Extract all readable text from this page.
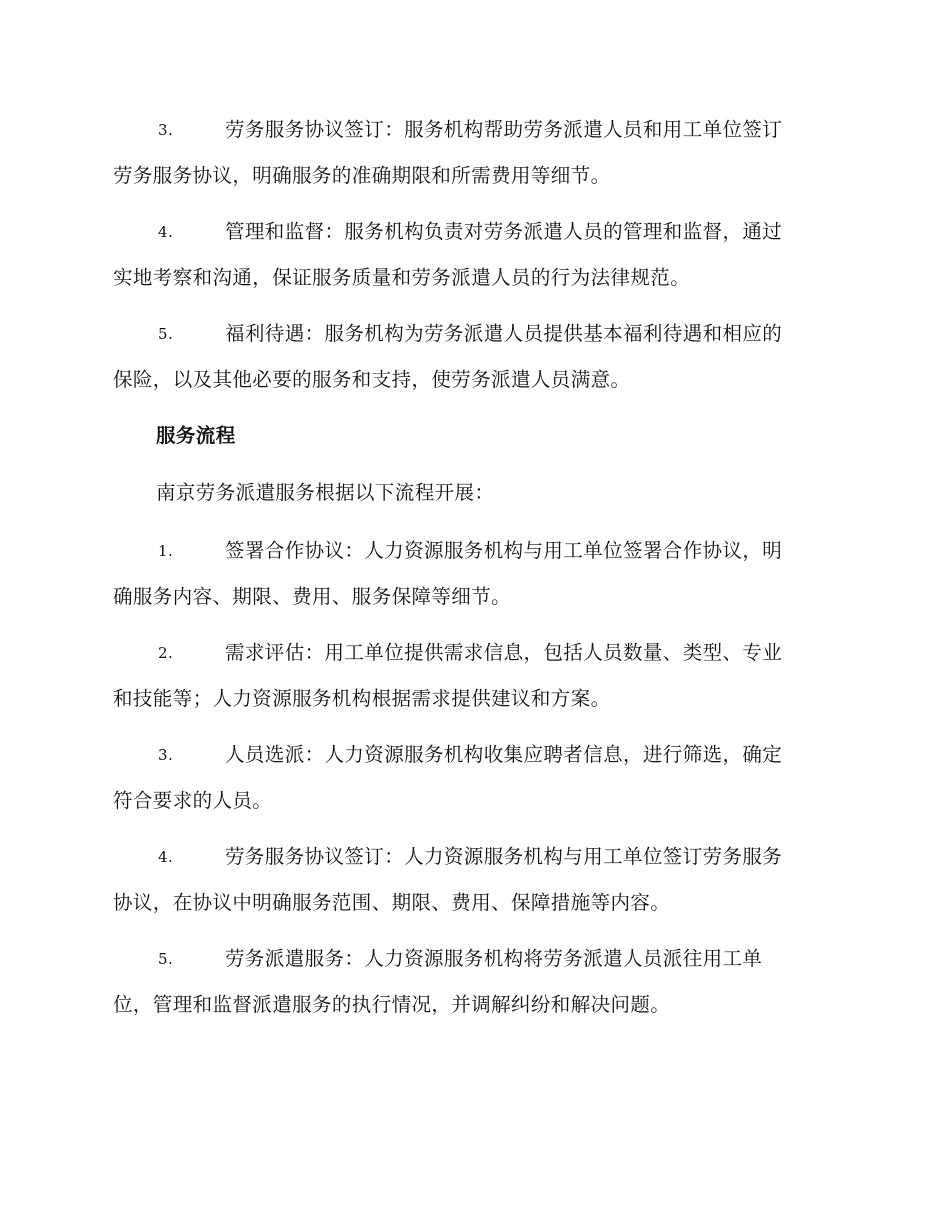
3.	劳务服务协议签订：服务机构帮助劳务派遣人员和用工单位签订
劳务服务协议，明确服务的准确期限和所需费用等细节。
4.	管理和监督：服务机构负责对劳务派遣人员的管理和监督，通过
实地考察和沟通，保证服务质量和劳务派遣人员的行为法律规范。
5.	福利待遇：服务机构为劳务派遣人员提供基本福利待遇和相应的
保险，以及其他必要的服务和支持，使劳务派遣人员满意。
服务流程
南京劳务派遣服务根据以下流程开展：
1.	签署合作协议：人力资源服务机构与用工单位签署合作协议，明
确服务内容、期限、费用、服务保障等细节。
2.	需求评估：用工单位提供需求信息，包括人员数量、类型、专业
和技能等；人力资源服务机构根据需求提供建议和方案。
3.	人员选派：人力资源服务机构收集应聘者信息，进行筛选，确定
符合要求的人员。
4.	劳务服务协议签订：人力资源服务机构与用工单位签订劳务服务
协议，在协议中明确服务范围、期限、费用、保障措施等内容。
5.	劳务派遣服务：人力资源服务机构将劳务派遣人员派往用工单
位，管理和监督派遣服务的执行情况，并调解纠纷和解决问题。
